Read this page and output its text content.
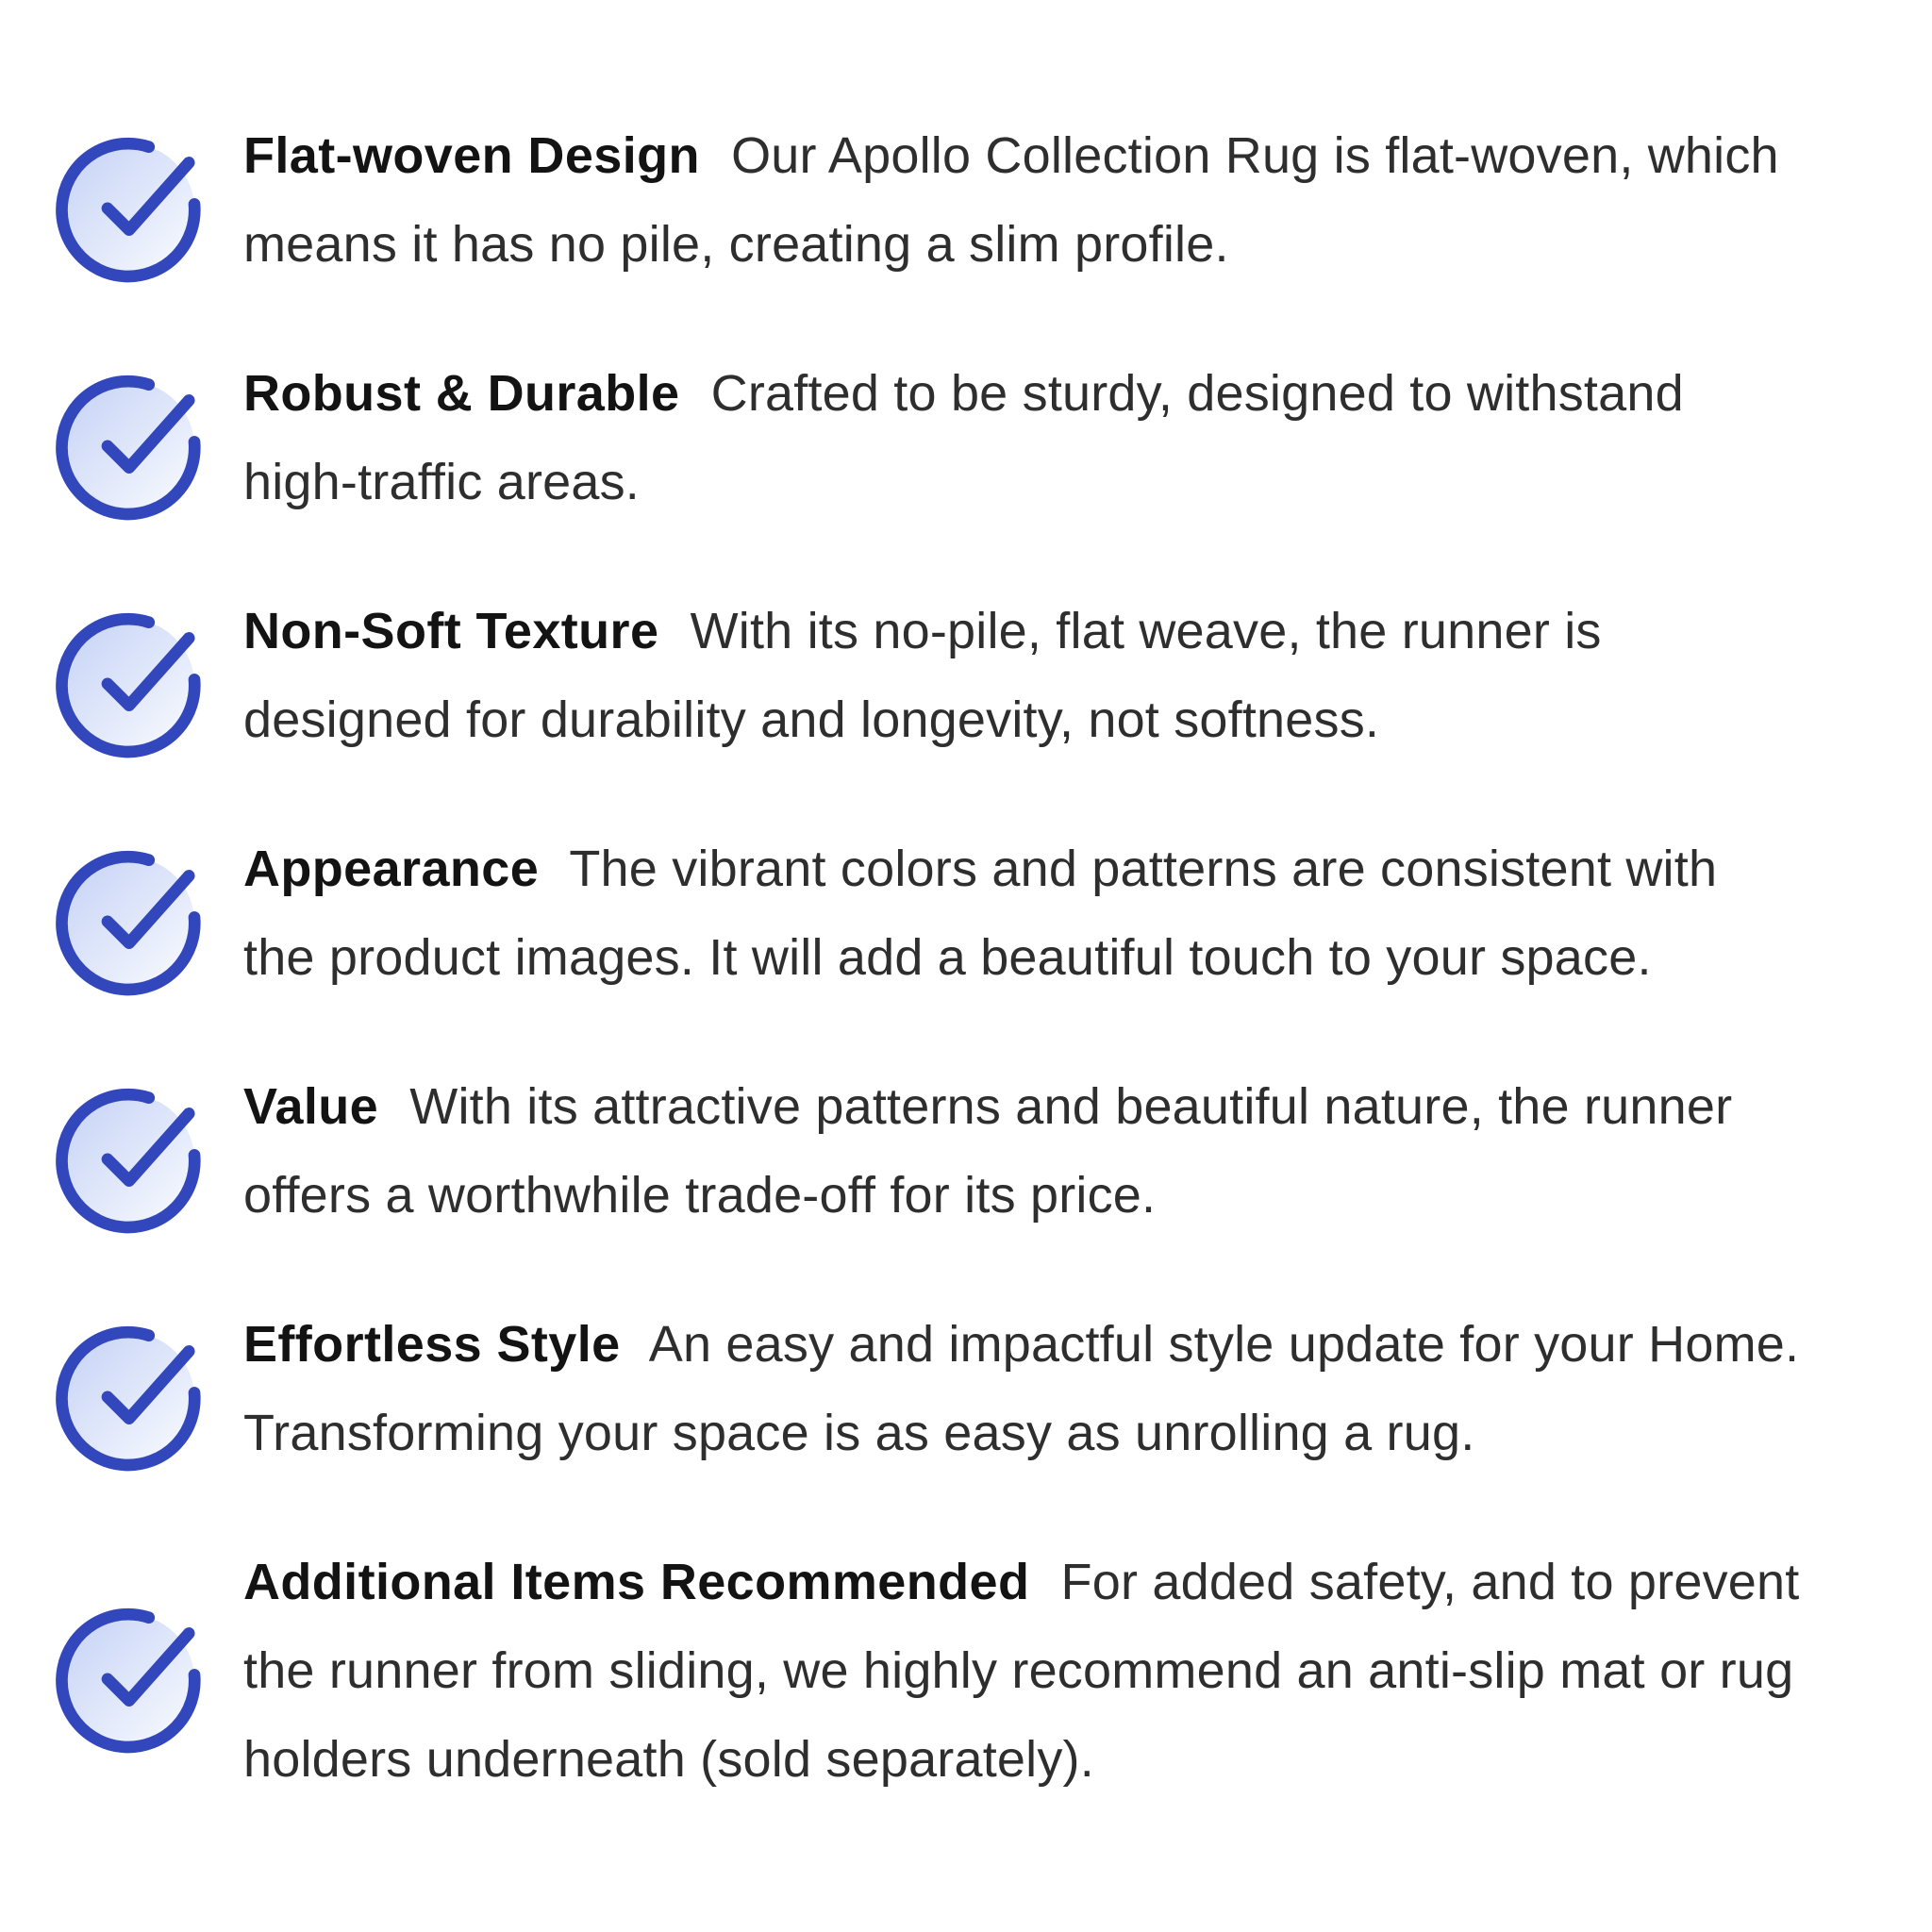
Flat-woven Design Our Apollo Collection Rug is flat-woven, which means it has no pile, creating a slim profile.

Robust & Durable Crafted to be sturdy, designed to withstand high-traffic areas.

Non-Soft Texture With its no-pile, flat weave, the runner is designed for durability and longevity, not softness.

Appearance The vibrant colors and patterns are consistent with the product images. It will add a beautiful touch to your space.

Value With its attractive patterns and beautiful nature, the runner offers a worthwhile trade-off for its price.

Effortless Style An easy and impactful style update for your Home. Transforming your space is as easy as unrolling a rug.

Additional Items Recommended For added safety, and to prevent the runner from sliding, we highly recommend an anti-slip mat or rug holders underneath (sold separately).
